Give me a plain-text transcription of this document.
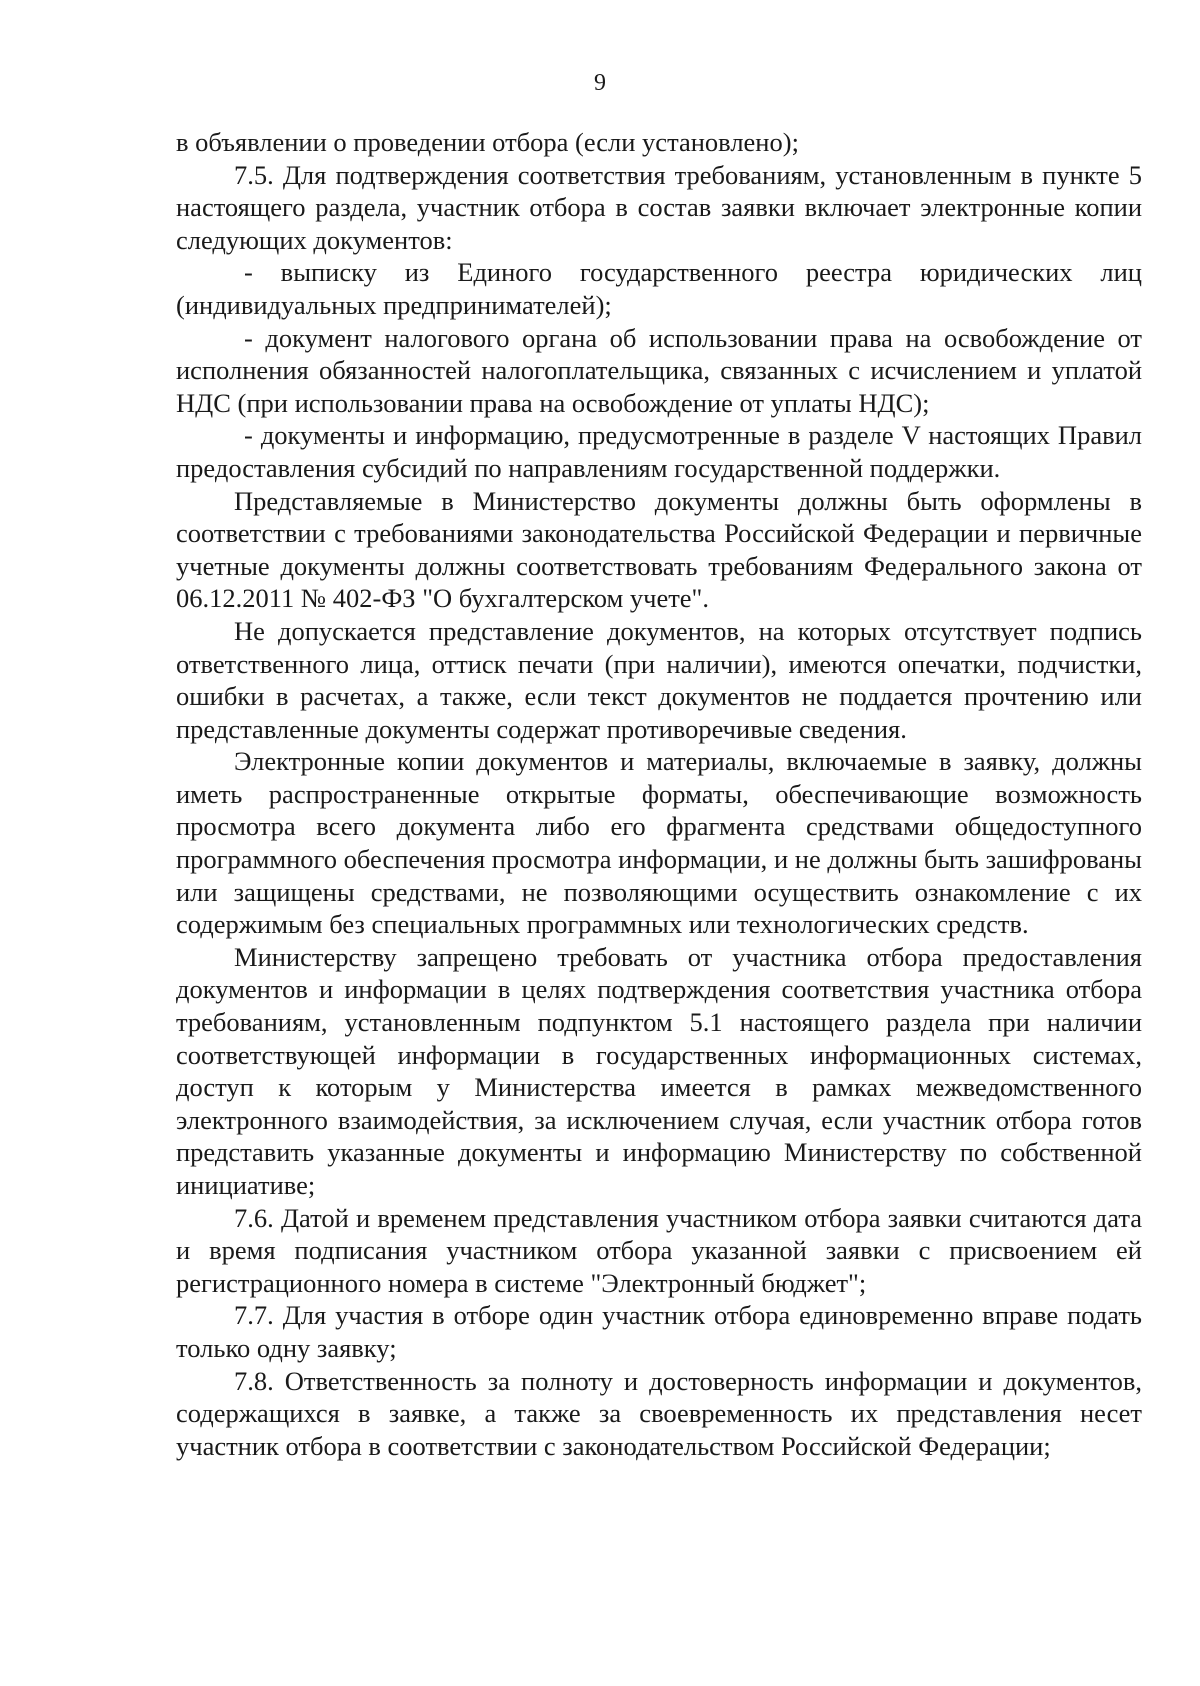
9

в объявлении о проведении отбора (если установлено);

7.5. Для подтверждения соответствия требованиям, установленным в пункте 5 настоящего раздела, участник отбора в состав заявки включает электронные копии следующих документов:

- выписку из Единого государственного реестра юридических лиц (индивидуальных предпринимателей);

- документ налогового органа об использовании права на освобождение от исполнения обязанностей налогоплательщика, связанных с исчислением и уплатой НДС (при использовании права на освобождение от уплаты НДС);

- документы и информацию, предусмотренные в разделе V настоящих Правил предоставления субсидий по направлениям государственной поддержки.

Представляемые в Министерство документы должны быть оформлены в соответствии с требованиями законодательства Российской Федерации и первичные учетные документы должны соответствовать требованиям Федерального закона от 06.12.2011 № 402-ФЗ "О бухгалтерском учете".

Не допускается представление документов, на которых отсутствует подпись ответственного лица, оттиск печати (при наличии), имеются опечатки, подчистки, ошибки в расчетах, а также, если текст документов не поддается прочтению или представленные документы содержат противоречивые сведения.

Электронные копии документов и материалы, включаемые в заявку, должны иметь распространенные открытые форматы, обеспечивающие возможность просмотра всего документа либо его фрагмента средствами общедоступного программного обеспечения просмотра информации, и не должны быть зашифрованы или защищены средствами, не позволяющими осуществить ознакомление с их содержимым без специальных программных или технологических средств.

Министерству запрещено требовать от участника отбора предоставления документов и информации в целях подтверждения соответствия участника отбора требованиям, установленным подпунктом 5.1 настоящего раздела при наличии соответствующей информации в государственных информационных системах, доступ к которым у Министерства имеется в рамках межведомственного электронного взаимодействия, за исключением случая, если участник отбора готов представить указанные документы и информацию Министерству по собственной инициативе;

7.6. Датой и временем представления участником отбора заявки считаются дата и время подписания участником отбора указанной заявки с присвоением ей регистрационного номера в системе "Электронный бюджет";

7.7. Для участия в отборе один участник отбора единовременно вправе подать только одну заявку;

7.8. Ответственность за полноту и достоверность информации и документов, содержащихся в заявке, а также за своевременность их представления несет участник отбора в соответствии с законодательством Российской Федерации;
